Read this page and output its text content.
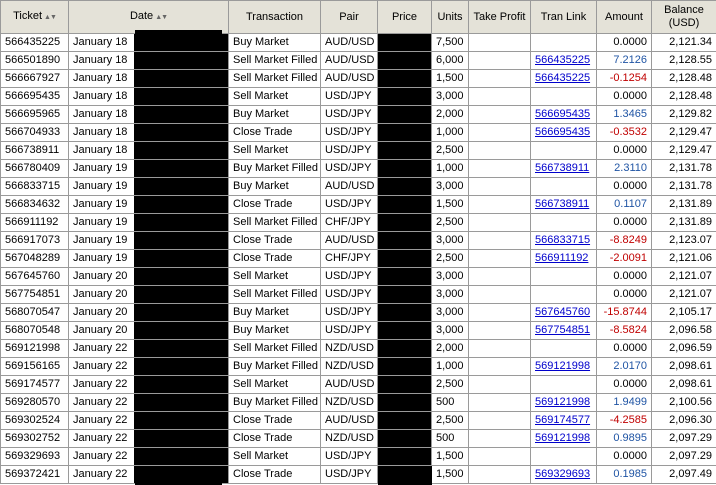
Ticket ▲▼	Date ▲▼	Transaction	Pair	Price	Units	Take Profit	Tran Link	Amount	Balance
(USD)
566435225	January 18	Buy Market	AUD/USD		7,500			0.0000	2,121.34
566501890	January 18	Sell Market Filled	AUD/USD		6,000		566435225	7.2126	2,128.55
566667927	January 18	Sell Market Filled	AUD/USD		1,500		566435225	-0.1254	2,128.48
566695435	January 18	Sell Market	USD/JPY		3,000			0.0000	2,128.48
566695965	January 18	Buy Market	USD/JPY		2,000		566695435	1.3465	2,129.82
566704933	January 18	Close Trade	USD/JPY		1,000		566695435	-0.3532	2,129.47
566738911	January 18	Sell Market	USD/JPY		2,500			0.0000	2,129.47
566780409	January 19	Buy Market Filled	USD/JPY		1,000		566738911	2.3110	2,131.78
566833715	January 19	Buy Market	AUD/USD		3,000			0.0000	2,131.78
566834632	January 19	Close Trade	USD/JPY		1,500		566738911	0.1107	2,131.89
566911192	January 19	Sell Market Filled	CHF/JPY		2,500			0.0000	2,131.89
566917073	January 19	Close Trade	AUD/USD		3,000		566833715	-8.8249	2,123.07
567048289	January 19	Close Trade	CHF/JPY		2,500		566911192	-2.0091	2,121.06
567645760	January 20	Sell Market	USD/JPY		3,000			0.0000	2,121.07
567754851	January 20	Sell Market Filled	USD/JPY		3,000			0.0000	2,121.07
568070547	January 20	Buy Market	USD/JPY		3,000		567645760	-15.8744	2,105.17
568070548	January 20	Buy Market	USD/JPY		3,000		567754851	-8.5824	2,096.58
569121998	January 22	Sell Market Filled	NZD/USD		2,000			0.0000	2,096.59
569156165	January 22	Buy Market Filled	NZD/USD		1,000		569121998	2.0170	2,098.61
569174577	January 22	Sell Market	AUD/USD		2,500			0.0000	2,098.61
569280570	January 22	Buy Market Filled	NZD/USD		500		569121998	1.9499	2,100.56
569302524	January 22	Close Trade	AUD/USD		2,500		569174577	-4.2585	2,096.30
569302752	January 22	Close Trade	NZD/USD		500		569121998	0.9895	2,097.29
569329693	January 22	Sell Market	USD/JPY		1,500			0.0000	2,097.29
569372421	January 22	Close Trade	USD/JPY		1,500		569329693	0.1985	2,097.49
